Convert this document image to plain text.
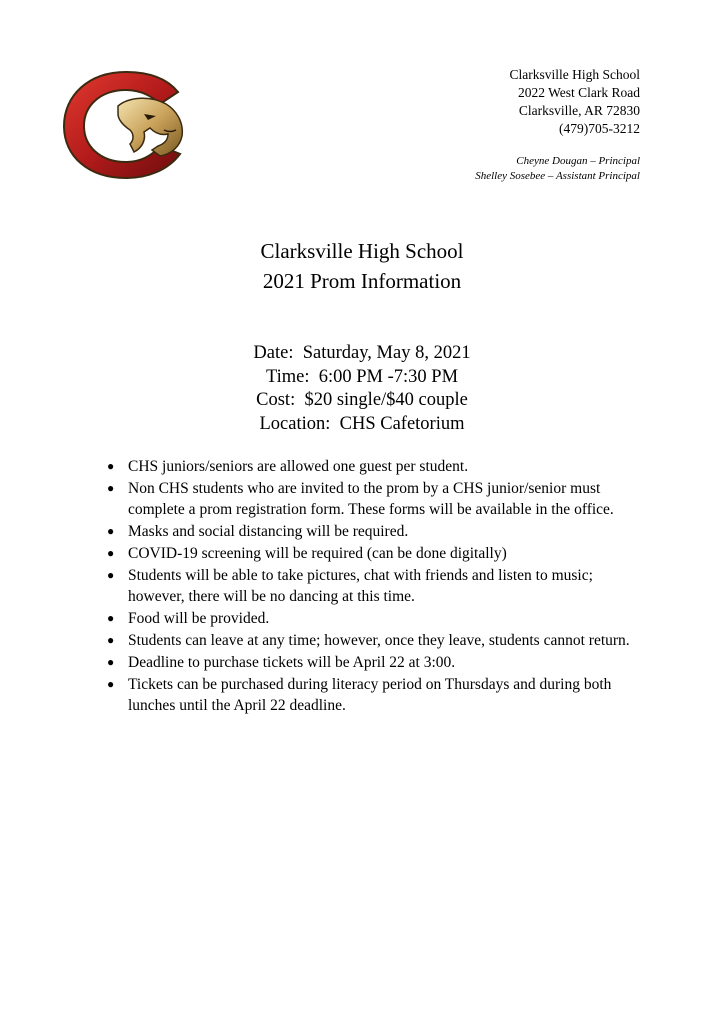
Clarksville High School
2022 West Clark Road
Clarksville, AR 72830
(479)705-3212
Cheyne Dougan – Principal
Shelley Sosebee – Assistant Principal
Clarksville High School
2021 Prom Information
Date:  Saturday, May 8, 2021
Time:  6:00 PM -7:30 PM
Cost:  $20 single/$40 couple
Location:  CHS Cafetorium
● CHS juniors/seniors are allowed one guest per student.
● Non CHS students who are invited to the prom by a CHS junior/senior must complete a prom registration form. These forms will be available in the office.
● Masks and social distancing will be required.
● COVID-19 screening will be required (can be done digitally)
● Students will be able to take pictures, chat with friends and listen to music; however, there will be no dancing at this time.
● Food will be provided.
● Students can leave at any time; however, once they leave, students cannot return.
● Deadline to purchase tickets will be April 22 at 3:00.
● Tickets can be purchased during literacy period on Thursdays and during both lunches until the April 22 deadline.
